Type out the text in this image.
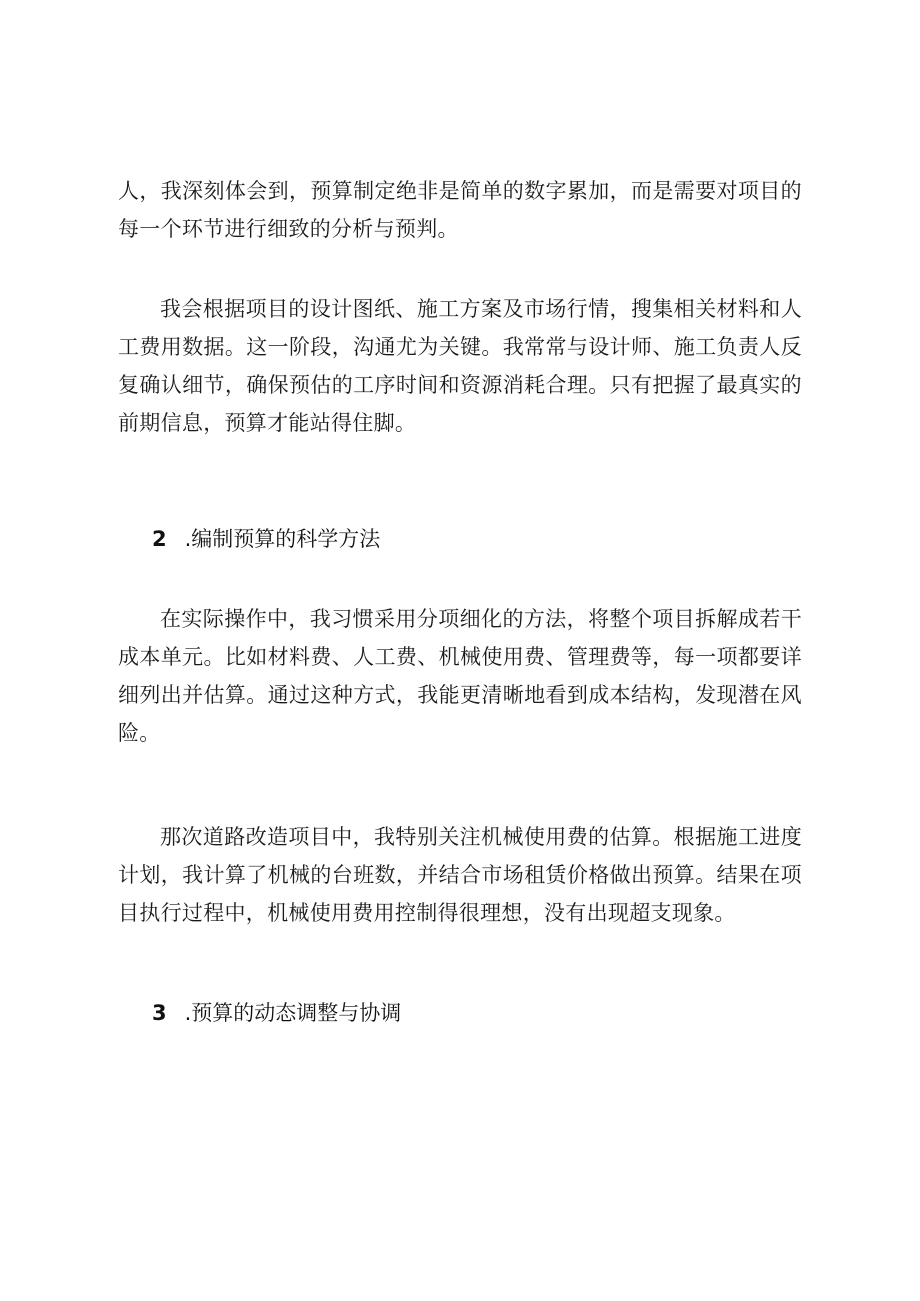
人，我深刻体会到，预算制定绝非是简单的数字累加，而是需要对项目的每一个环节进行细致的分析与预判。

我会根据项目的设计图纸、施工方案及市场行情，搜集相关材料和人工费用数据。这一阶段，沟通尤为关键。我常常与设计师、施工负责人反复确认细节，确保预估的工序时间和资源消耗合理。只有把握了最真实的前期信息，预算才能站得住脚。

2 .编制预算的科学方法

在实际操作中，我习惯采用分项细化的方法，将整个项目拆解成若干成本单元。比如材料费、人工费、机械使用费、管理费等，每一项都要详细列出并估算。通过这种方式，我能更清晰地看到成本结构，发现潜在风险。

那次道路改造项目中，我特别关注机械使用费的估算。根据施工进度计划，我计算了机械的台班数，并结合市场租赁价格做出预算。结果在项目执行过程中，机械使用费用控制得很理想，没有出现超支现象。

3 .预算的动态调整与协调
